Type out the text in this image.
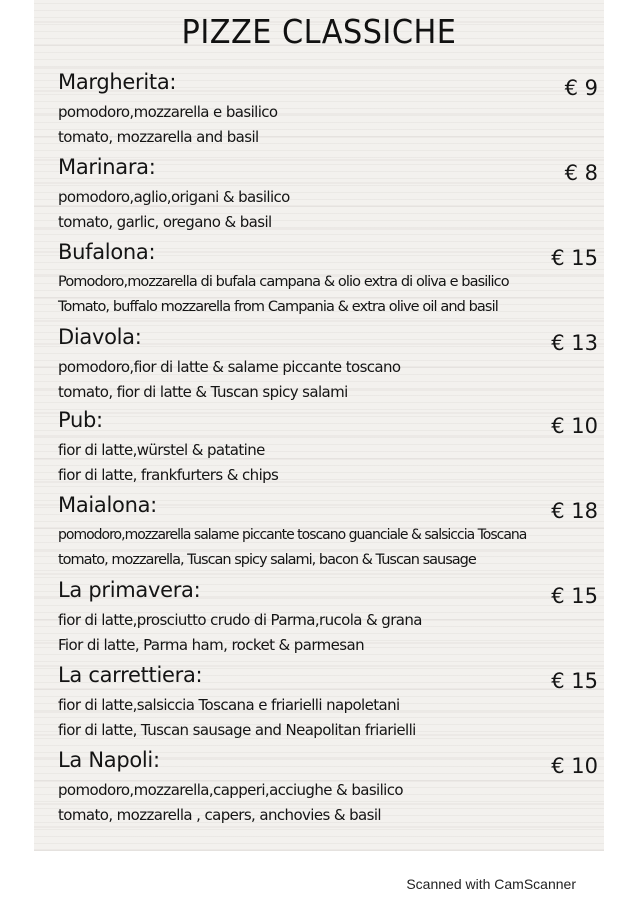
PIZZE CLASSICHE
Margherita:	€ 9
pomodoro,mozzarella e basilico
tomato, mozzarella and basil
Marinara:	€ 8
pomodoro,aglio,origani & basilico
tomato, garlic, oregano & basil
Bufalona:	€ 15
Pomodoro,mozzarella di bufala campana & olio extra di oliva e basilico
Tomato, buffalo mozzarella from Campania & extra olive oil and basil
Diavola:	€ 13
pomodoro,fior di latte & salame piccante toscano
tomato, fior di latte & Tuscan spicy salami
Pub:	€ 10
fior di latte,würstel & patatine
fior di latte, frankfurters & chips
Maialona:	€ 18
pomodoro,mozzarella salame piccante toscano guanciale & salsiccia Toscana
tomato, mozzarella, Tuscan spicy salami, bacon & Tuscan sausage
La primavera:	€ 15
fior di latte,prosciutto crudo di Parma,rucola & grana
Fior di latte, Parma ham, rocket & parmesan
La carrettiera:	€ 15
fior di latte,salsiccia Toscana e friarielli napoletani
fior di latte, Tuscan sausage and Neapolitan friarielli
La Napoli:	€ 10
pomodoro,mozzarella,capperi,acciughe & basilico
tomato, mozzarella , capers, anchovies & basil
Scanned with CamScanner
